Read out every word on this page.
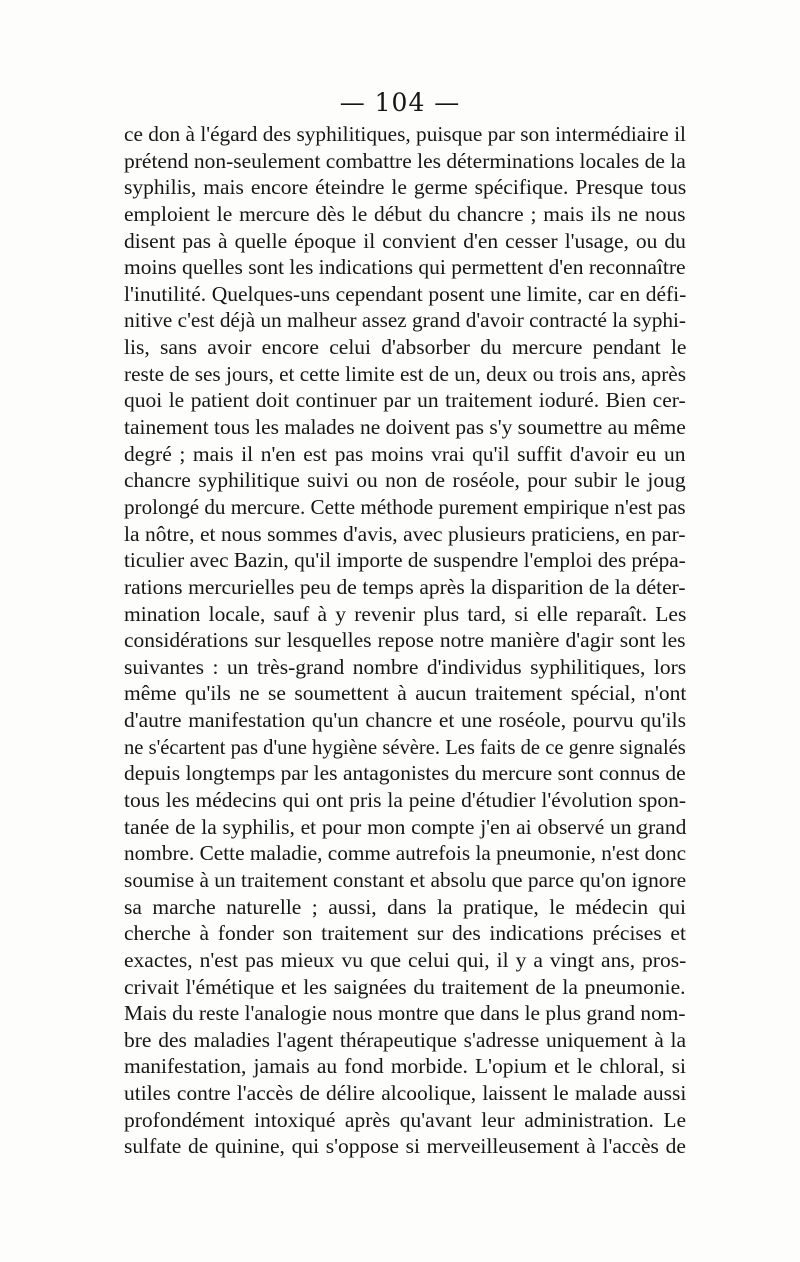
— 104 —
ce don à l'égard des syphilitiques, puisque par son intermédiaire il
prétend non-seulement combattre les déterminations locales de la
syphilis, mais encore éteindre le germe spécifique. Presque tous
emploient le mercure dès le début du chancre ; mais ils ne nous
disent pas à quelle époque il convient d'en cesser l'usage, ou du
moins quelles sont les indications qui permettent d'en reconnaître
l'inutilité. Quelques-uns cependant posent une limite, car en défi-
nitive c'est déjà un malheur assez grand d'avoir contracté la syphi-
lis, sans avoir encore celui d'absorber du mercure pendant le
reste de ses jours, et cette limite est de un, deux ou trois ans, après
quoi le patient doit continuer par un traitement ioduré. Bien cer-
tainement tous les malades ne doivent pas s'y soumettre au même
degré ; mais il n'en est pas moins vrai qu'il suffit d'avoir eu un
chancre syphilitique suivi ou non de roséole, pour subir le joug
prolongé du mercure. Cette méthode purement empirique n'est pas
la nôtre, et nous sommes d'avis, avec plusieurs praticiens, en par-
ticulier avec Bazin, qu'il importe de suspendre l'emploi des prépa-
rations mercurielles peu de temps après la disparition de la déter-
mination locale, sauf à y revenir plus tard, si elle reparaît. Les
considérations sur lesquelles repose notre manière d'agir sont les
suivantes : un très-grand nombre d'individus syphilitiques, lors
même qu'ils ne se soumettent à aucun traitement spécial, n'ont
d'autre manifestation qu'un chancre et une roséole, pourvu qu'ils
ne s'écartent pas d'une hygiène sévère. Les faits de ce genre signalés
depuis longtemps par les antagonistes du mercure sont connus de
tous les médecins qui ont pris la peine d'étudier l'évolution spon-
tanée de la syphilis, et pour mon compte j'en ai observé un grand
nombre. Cette maladie, comme autrefois la pneumonie, n'est donc
soumise à un traitement constant et absolu que parce qu'on ignore
sa marche naturelle ; aussi, dans la pratique, le médecin qui
cherche à fonder son traitement sur des indications précises et
exactes, n'est pas mieux vu que celui qui, il y a vingt ans, pros-
crivait l'émétique et les saignées du traitement de la pneumonie.
Mais du reste l'analogie nous montre que dans le plus grand nom-
bre des maladies l'agent thérapeutique s'adresse uniquement à la
manifestation, jamais au fond morbide. L'opium et le chloral, si
utiles contre l'accès de délire alcoolique, laissent le malade aussi
profondément intoxiqué après qu'avant leur administration. Le
sulfate de quinine, qui s'oppose si merveilleusement à l'accès de
